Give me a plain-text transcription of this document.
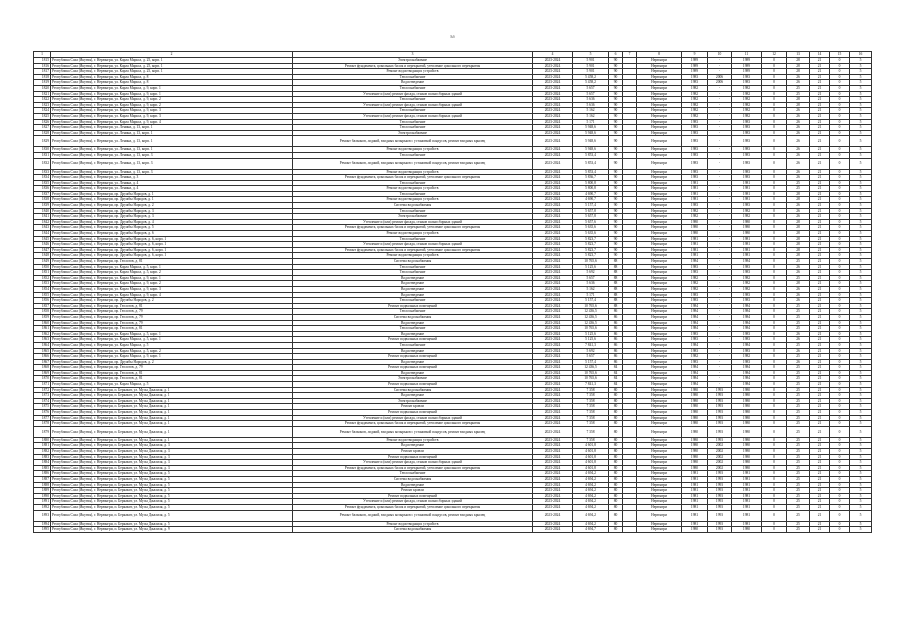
Ьб
1	2	3	4	5	6	7	8	9	10	11	12	13	14	15	16	
1815	Республика Саха (Якутия), г. Нерюнгри, ул. Карла Маркса, д. 25, корп. 1	Электроснабжение	2023-2024	5 901	90		Нерюнгри	1989	-	1989	0	28	21	0	5	
1816	Республика Саха (Якутия), г. Нерюнгри, ул. Карла Маркса, д. 25, корп. 1	Ремонт фундамента, цокольных балок и перекрытий, утепление цокольного перекрытия	2023-2024	5 901	90		Нерюнгри	1989	-	1989	0	28	21	0	5	
1817	Республика Саха (Якутия), г. Нерюнгри, ул. Карла Маркса, д. 25, корп. 1	Ремонт водоотводящих устройств	2023-2024	5 901	90		Нерюнгри	1989	-	1989	0	28	21	0	5	
1818	Республика Саха (Якутия), г. Нерюнгри, ул. Карла Маркса, д. 8	Теплоснабжение	2023-2024	5 458,2	90		Нерюнгри	1983	2006	1983	0	26	21	0	5	
1819	Республика Саха (Якутия), г. Нерюнгри, ул. Карла Маркса, д. 8	Водоотведение	2023-2024	5 458,2	90		Нерюнгри	1983	2006	1983	0	26	21	0	5	
1820	Республика Саха (Якутия), г. Нерюнгри, ул. Карла Маркса, д. 9, корп. 1	Теплоснабжение	2023-2024	5 657	90		Нерюнгри	1982	-	1982	0	25	21	0	5	
1821	Республика Саха (Якутия), г. Нерюнгри, ул. Карла Маркса, д. 9, корп. 1	Утепление и (или) ремонт фасада, стыков полносборных зданий	2023-2024	5 657	90		Нерюнгри	1982	-	1982	0	25	21	0	5	
1822	Республика Саха (Якутия), г. Нерюнгри, ул. Карла Маркса, д. 9, корп. 2	Теплоснабжение	2023-2024	5 636	90		Нерюнгри	1982	-	1982	0	28	21	0	5	
1823	Республика Саха (Якутия), г. Нерюнгри, ул. Карла Маркса, д. 9, корп. 2	Утепление и (или) ремонт фасада, стыков полносборных зданий	2023-2024	5 636	90		Нерюнгри	1982	-	1982	0	28	21	0	5	
1824	Республика Саха (Якутия), г. Нерюнгри, ул. Карла Маркса, д. 9, корп. 3	Теплоснабжение	2023-2024	5 162	90		Нерюнгри	1982	-	1982	0	26	21	0	5	
1825	Республика Саха (Якутия), г. Нерюнгри, ул. Карла Маркса, д. 9, корп. 3	Утепление и (или) ремонт фасада, стыков полносборных зданий	2023-2024	5 162	90		Нерюнгри	1982	-	1982	0	26	21	0	5	
1826	Республика Саха (Якутия), г. Нерюнгри, ул. Карла Маркса, д. 9, корп. 4	Теплоснабжение	2023-2024	5 171	90		Нерюнгри	1983	-	1983	0	26	21	0	5	
1827	Республика Саха (Якутия), г. Нерюнгри, ул. Ленина, д. 13, корп. 1	Теплоснабжение	2023-2024	5 948,6	90		Нерюнгри	1983	-	1983	0	26	21	0	5	
1828	Республика Саха (Якутия), г. Нерюнгри, ул. Ленина, д. 13, корп. 1	Электроснабжение	2023-2024	5 948,6	90		Нерюнгри	1983	-	1983	0	26	21	0	5	
1829	Республика Саха (Якутия), г. Нерюнгри, ул. Ленина, д. 13, корп. 1	Ремонт балконов, лоджий, входных козырьков с установкой пандусов, ремонт входных крылец	2023-2024	5 948,6	90		Нерюнгри	1983	-	1983	0	26	21	0	5	
1830	Республика Саха (Якутия), г. Нерюнгри, ул. Ленина, д. 13, корп. 1	Ремонт водоотводящих устройств	2023-2024	5 948,6	90		Нерюнгри	1983	-	1983	0	26	21	0	5	
1831	Республика Саха (Якутия), г. Нерюнгри, ул. Ленина, д. 13, корп. 3	Теплоснабжение	2023-2024	5 853,4	90		Нерюнгри	1983	-	1983	0	26	21	0	5	
1832	Республика Саха (Якутия), г. Нерюнгри, ул. Ленина, д. 13, корп. 3	Ремонт балконов, лоджий, входных козырьков с установкой пандусов, ремонт входных крылец	2023-2024	5 853,4	90		Нерюнгри	1983	-	1983	0	26	21	0	5	
1833	Республика Саха (Якутия), г. Нерюнгри, ул. Ленина, д. 13, корп. 3	Ремонт водоотводящих устройств	2023-2024	5 853,4	90		Нерюнгри	1983	-	1983	0	26	21	0	5	
1834	Республика Саха (Якутия), г. Нерюнгри, ул. Ленина, д. 3	Ремонт фундамента, цокольных балок и перекрытий, утепление цокольного перекрытия	2023-2024	5 836,7	90		Нерюнгри	1983	-	1983	0	26	21	0	5	
1835	Республика Саха (Якутия), г. Нерюнгри, ул. Ленина, д. 4	Теплоснабжение	2023-2024	5 800,8	90		Нерюнгри	1981	-	1981	0	25	21	0	5	
1836	Республика Саха (Якутия), г. Нерюнгри, ул. Ленина, д. 4	Ремонт водоотводящих устройств	2023-2024	5 800,8	90		Нерюнгри	1981	-	1981	0	25	21	0	5	
1837	Республика Саха (Якутия), г. Нерюнгри, пр. Дружбы Народов, д. 1	Теплоснабжение	2023-2024	4 690,7	90		Нерюнгри	1981	-	1981	0	28	21	0	5	
1838	Республика Саха (Якутия), г. Нерюнгри, пр. Дружбы Народов, д. 1	Ремонт водоотводящих устройств	2023-2024	4 690,7	90		Нерюнгри	1981	-	1981	0	28	21	0	5	
1839	Республика Саха (Якутия), г. Нерюнгри, пр. Дружбы Народов, д. 2	Система водоснабжения	2023-2024	5 157,4	90		Нерюнгри	1983	-	1983	0	26	21	0	5	
1840	Республика Саха (Якутия), г. Нерюнгри, пр. Дружбы Народов, д. 3	Теплоснабжение	2023-2024	5 657,8	90		Нерюнгри	1982	-	1982	0	26	21	0	5	
1841	Республика Саха (Якутия), г. Нерюнгри, пр. Дружбы Народов, д. 3	Электроснабжение	2023-2024	5 657,8	90		Нерюнгри	1982	-	1982	0	26	21	0	5	
1842	Республика Саха (Якутия), г. Нерюнгри, пр. Дружбы Народов, д. 4	Утепление и (или) ремонт фасада, стыков полносборных зданий	2023-2024	5 657,6	90		Нерюнгри	1980	-	1980	0	28	21	0	5	
1843	Республика Саха (Якутия), г. Нерюнгри, пр. Дружбы Народов, д. 5	Ремонт фундамента, цокольных балок и перекрытий, утепление цокольного перекрытия	2023-2024	5 635,6	90		Нерюнгри	1980	-	1980	0	28	21	0	5	
1844	Республика Саха (Якутия), г. Нерюнгри, пр. Дружбы Народов, д. 6	Ремонт водоотводящих устройств	2023-2024	5 635,6	90		Нерюнгри	1980	-	1980	0	28	21	0	5	
1845	Республика Саха (Якутия), г. Нерюнгри, пр. Дружбы Народов, д. 6, корп. 1	Теплоснабжение	2023-2024	5 823,7	90		Нерюнгри	1981	-	1981	0	28	21	0	5	
1846	Республика Саха (Якутия), г. Нерюнгри, пр. Дружбы Народов, д. 6, корп. 1	Утепление и (или) ремонт фасада, стыков полносборных зданий	2023-2024	5 823,7	90		Нерюнгри	1981	-	1981	0	28	21	0	5	
1847	Республика Саха (Якутия), г. Нерюнгри, пр. Дружбы Народов, д. 6, корп. 1	Ремонт фундамента, цокольных балок и перекрытий, утепление цокольного перекрытия	2023-2024	5 823,7	90		Нерюнгри	1981	-	1981	0	28	21	0	5	
1848	Республика Саха (Якутия), г. Нерюнгри, пр. Дружбы Народов, д. 6, корп. 1	Ремонт водоотводящих устройств	2023-2024	5 823,7	90		Нерюнгри	1981	-	1981	0	28	21	0	5	
1849	Республика Саха (Якутия), г. Нерюнгри, пр. Геологов, д. 81	Система водоснабжения	2023-2024	10 765,6	88		Нерюнгри	1984	-	1984	0	25	21	0	5	
1850	Республика Саха (Якутия), г. Нерюнгри, ул. Карла Маркса, д. 5, корп. 1	Теплоснабжение	2023-2024	5 125,6	88		Нерюнгри	1983	-	1983	0	26	21	0	5	
1851	Республика Саха (Якутия), г. Нерюнгри, ул. Карла Маркса, д. 5, корп. 2	Теплоснабжение	2023-2024	5 692	88		Нерюнгри	1983	-	1983	0	26	21	0	5	
1852	Республика Саха (Якутия), г. Нерюнгри, ул. Карла Маркса, д. 9, корп. 1	Водоотведение	2023-2024	5 657	88		Нерюнгри	1982	-	1982	0	25	21	0	5	
1853	Республика Саха (Якутия), г. Нерюнгри, ул. Карла Маркса, д. 9, корп. 2	Водоотведение	2023-2024	5 636	88		Нерюнгри	1982	-	1982	0	28	21	0	5	
1854	Республика Саха (Якутия), г. Нерюнгри, ул. Карла Маркса, д. 9, корп. 3	Водоотведение	2023-2024	5 162	88		Нерюнгри	1982	-	1982	0	26	21	0	5	
1855	Республика Саха (Якутия), г. Нерюнгри, ул. Карла Маркса, д. 9, корп. 4	Водоотведение	2023-2024	5 171	88		Нерюнгри	1983	-	1983	0	26	21	0	5	
1856	Республика Саха (Якутия), г. Нерюнгри, пр. Дружбы Народов, д. 2	Теплоснабжение	2023-2024	5 157,4	88		Нерюнгри	1983	-	1983	0	26	21	0	5	
1857	Республика Саха (Якутия), г. Нерюнгри, пр. Геологов, д. 81	Ремонт подвальных помещений	2023-2024	10 765,6	88		Нерюнгри	1984	-	1984	0	25	21	0	5	
1858	Республика Саха (Якутия), г. Нерюнгри, пр. Геологов, д. 79	Теплоснабжение	2023-2024	12 436,5	86		Нерюнгри	1984	-	1984	0	25	21	0	5	
1859	Республика Саха (Якутия), г. Нерюнгри, пр. Геологов, д. 79	Система водоснабжения	2023-2024	12 436,5	86		Нерюнгри	1984	-	1984	0	25	21	0	5	
1860	Республика Саха (Якутия), г. Нерюнгри, пр. Геологов, д. 79	Водоотведение	2023-2024	12 436,5	86		Нерюнгри	1984	-	1984	0	25	21	0	5	
1861	Республика Саха (Якутия), г. Нерюнгри, пр. Геологов, д. 81	Теплоснабжение	2023-2024	10 765,6	86		Нерюнгри	1984	-	1984	0	25	21	0	5	
1862	Республика Саха (Якутия), г. Нерюнгри, ул. Карла Маркса, д. 5, корп. 1	Водоотведение	2023-2024	5 125,6	86		Нерюнгри	1983	-	1983	0	26	21	0	5	
1863	Республика Саха (Якутия), г. Нерюнгри, ул. Карла Маркса, д. 5, корп. 1	Ремонт подвальных помещений	2023-2024	5 125,6	86		Нерюнгри	1983	-	1983	0	26	21	0	5	
1864	Республика Саха (Якутия), г. Нерюнгри, ул. Карла Маркса, д. 5	Теплоснабжение	2023-2024	7 841,3	86		Нерюнгри	1984	-	1984	0	25	21	0	5	
1865	Республика Саха (Якутия), г. Нерюнгри, ул. Карла Маркса, д. 5, корп. 2	Водоотведение	2023-2024	5 692	86		Нерюнгри	1983	-	1983	0	26	21	0	5	
1866	Республика Саха (Якутия), г. Нерюнгри, ул. Карла Маркса, д. 9, корп. 1	Ремонт подвальных помещений	2023-2024	5 657	86		Нерюнгри	1982	-	1982	0	25	21	0	5	
1867	Республика Саха (Якутия), г. Нерюнгри, пр. Дружбы Народов, д. 2	Водоотведение	2023-2024	5 157,4	86		Нерюнгри	1983	-	1983	0	26	21	0	5	
1868	Республика Саха (Якутия), г. Нерюнгри, пр. Геологов, д. 79	Ремонт подвальных помещений	2023-2024	12 436,5	84		Нерюнгри	1984	-	1984	0	25	21	0	5	
1869	Республика Саха (Якутия), г. Нерюнгри, пр. Геологов, д. 81	Водоотведение	2023-2024	10 765,6	84		Нерюнгри	1984	-	1984	0	25	21	0	5	
1870	Республика Саха (Якутия), г. Нерюнгри, пр. Геологов, д. 81	Электроснабжение	2023-2024	10 765,6	84		Нерюнгри	1984	-	1984	0	25	21	0	5	
1871	Республика Саха (Якутия), г. Нерюнгри, ул. Карла Маркса, д. 5	Ремонт подвальных помещений	2023-2024	7 841,3	84		Нерюнгри	1984	-	1984	0	25	21	0	5	
1872	Республика Саха (Якутия), г. Нерюнгри, п. Беркакит, ул. Мусы Джалиля, д. 1	Система водоснабжения	2023-2024	7 358	80		Нерюнгри	1980	1993	1980	0	25	21	0	5	
1873	Республика Саха (Якутия), г. Нерюнгри, п. Беркакит, ул. Мусы Джалиля, д. 1	Водоотведение	2023-2024	7 358	80		Нерюнгри	1980	1993	1980	0	25	21	0	5	
1874	Республика Саха (Якутия), г. Нерюнгри, п. Беркакит, ул. Мусы Джалиля, д. 1	Электроснабжение	2023-2024	7 358	80		Нерюнгри	1980	1993	1980	0	25	21	0	5	
1875	Республика Саха (Якутия), г. Нерюнгри, п. Беркакит, ул. Мусы Джалиля, д. 1	Ремонт кровли	2023-2024	7 358	80		Нерюнгри	1980	1993	1980	0	25	21	0	5	
1876	Республика Саха (Якутия), г. Нерюнгри, п. Беркакит, ул. Мусы Джалиля, д. 1	Ремонт подвальных помещений	2023-2024	7 358	80		Нерюнгри	1980	1993	1980	0	25	21	0	5	
1877	Республика Саха (Якутия), г. Нерюнгри, п. Беркакит, ул. Мусы Джалиля, д. 1	Утепление и (или) ремонт фасада, стыков полносборных зданий	2023-2024	7 358	80		Нерюнгри	1980	1993	1980	0	25	21	0	5	
1878	Республика Саха (Якутия), г. Нерюнгри, п. Беркакит, ул. Мусы Джалиля, д. 1	Ремонт фундамента, цокольных балок и перекрытий, утепление цокольного перекрытия	2023-2024	7 358	80		Нерюнгри	1980	1993	1980	0	25	21	0	5	
1879	Республика Саха (Якутия), г. Нерюнгри, п. Беркакит, ул. Мусы Джалиля, д. 1	Ремонт балконов, лоджий, входных козырьков с установкой пандусов, ремонт входных крылец	2023-2024	7 358	80		Нерюнгри	1980	1993	1980	0	25	21	0	5	
1880	Республика Саха (Якутия), г. Нерюнгри, п. Беркакит, ул. Мусы Джалиля, д. 1	Ремонт водоотводящих устройств	2023-2024	7 358	80		Нерюнгри	1980	1993	1980	0	25	21	0	5	
1881	Республика Саха (Якутия), г. Нерюнгри, п. Беркакит, ул. Мусы Джалиля, д. 3	Водоотведение	2023-2024	4 601,8	80		Нерюнгри	1980	2002	1980	0	25	21	0	5	
1882	Республика Саха (Якутия), г. Нерюнгри, п. Беркакит, ул. Мусы Джалиля, д. 3	Ремонт кровли	2023-2024	4 601,8	80		Нерюнгри	1980	2002	1980	0	25	21	0	5	
1883	Республика Саха (Якутия), г. Нерюнгри, п. Беркакит, ул. Мусы Джалиля, д. 3	Ремонт подвальных помещений	2023-2024	4 601,8	80		Нерюнгри	1980	2002	1980	0	25	21	0	5	
1884	Республика Саха (Якутия), г. Нерюнгри, п. Беркакит, ул. Мусы Джалиля, д. 3	Утепление и (или) ремонт фасада, стыков полносборных зданий	2023-2024	4 601,8	80		Нерюнгри	1980	2002	1980	0	25	21	0	5	
1885	Республика Саха (Якутия), г. Нерюнгри, п. Беркакит, ул. Мусы Джалиля, д. 3	Ремонт фундамента, цокольных балок и перекрытий, утепление цокольного перекрытия	2023-2024	4 601,8	80		Нерюнгри	1980	2002	1980	0	25	21	0	5	
1886	Республика Саха (Якутия), г. Нерюнгри, п. Беркакит, ул. Мусы Джалиля, д. 5	Теплоснабжение	2023-2024	4 694,2	80		Нерюнгри	1981	1993	1981	0	25	21	0	5	
1887	Республика Саха (Якутия), г. Нерюнгри, п. Беркакит, ул. Мусы Джалиля, д. 5	Система водоснабжения	2023-2024	4 694,2	80		Нерюнгри	1981	1993	1981	0	25	21	0	5	
1888	Республика Саха (Якутия), г. Нерюнгри, п. Беркакит, ул. Мусы Джалиля, д. 5	Водоотведение	2023-2024	4 694,2	80		Нерюнгри	1981	1993	1981	0	25	21	0	5	
1889	Республика Саха (Якутия), г. Нерюнгри, п. Беркакит, ул. Мусы Джалиля, д. 5	Ремонт кровли	2023-2024	4 694,2	80		Нерюнгри	1981	1993	1981	0	25	21	0	5	
1890	Республика Саха (Якутия), г. Нерюнгри, п. Беркакит, ул. Мусы Джалиля, д. 5	Ремонт подвальных помещений	2023-2024	4 694,2	80		Нерюнгри	1981	1993	1981	0	25	21	0	5	
1891	Республика Саха (Якутия), г. Нерюнгри, п. Беркакит, ул. Мусы Джалиля, д. 5	Утепление и (или) ремонт фасада, стыков полносборных зданий	2023-2024	4 694,2	80		Нерюнгри	1981	1993	1981	0	25	21	0	5	
1892	Республика Саха (Якутия), г. Нерюнгри, п. Беркакит, ул. Мусы Джалиля, д. 5	Ремонт фундамента, цокольных балок и перекрытий, утепление цокольного перекрытия	2023-2024	4 694,2	80		Нерюнгри	1981	1993	1981	0	25	21	0	5	
1893	Республика Саха (Якутия), г. Нерюнгри, п. Беркакит, ул. Мусы Джалиля, д. 5	Ремонт балконов, лоджий, входных козырьков с установкой пандусов, ремонт входных крылец	2023-2024	4 694,2	80		Нерюнгри	1981	1993	1981	0	25	21	0	5	
1894	Республика Саха (Якутия), г. Нерюнгри, п. Беркакит, ул. Мусы Джалиля, д. 5	Ремонт водоотводящих устройств	2023-2024	4 694,2	80		Нерюнгри	1981	1993	1981	0	25	21	0	5	
1895	Республика Саха (Якутия), г. Нерюнгри, п. Беркакит, ул. Мусы Джалиля, д. 9	Система водоснабжения	2023-2024	4 694,7	80		Нерюнгри	1980	1993	1980	0	25	21	0	5	
